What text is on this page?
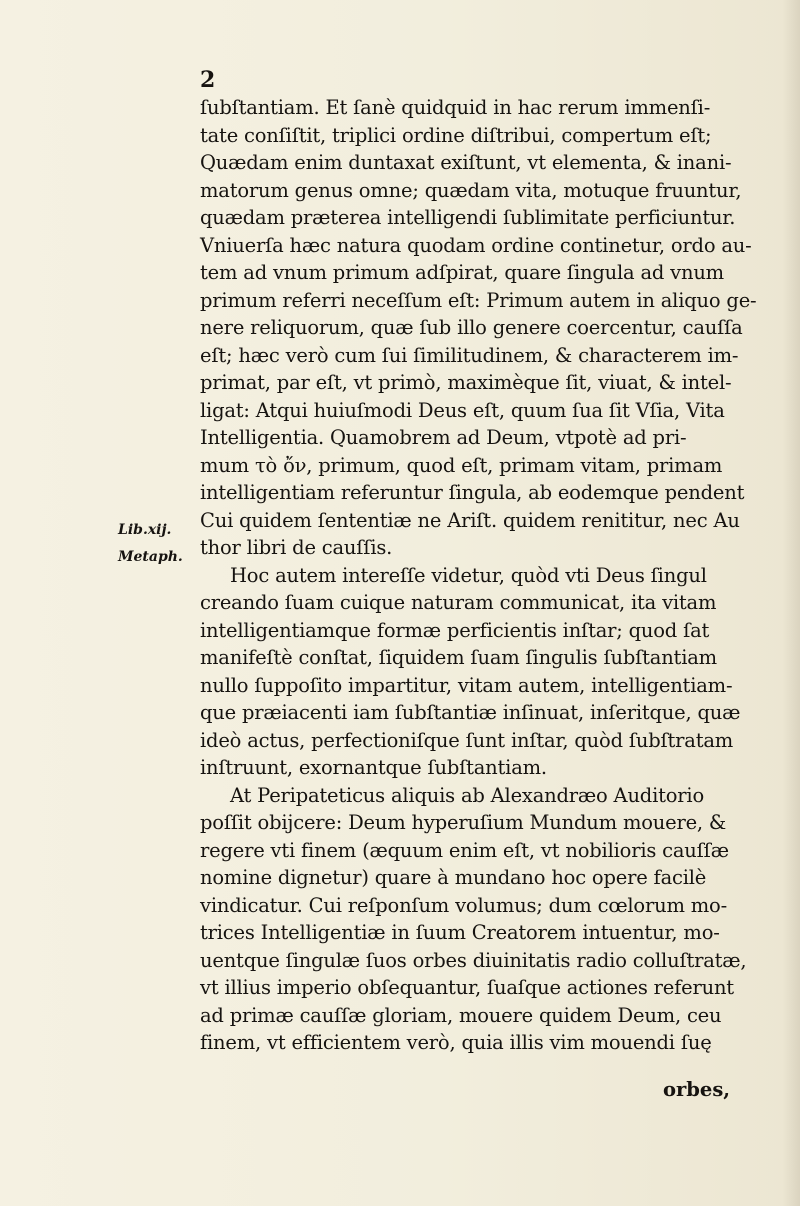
2
ſubſtantiam. Et ſanè quidquid in hac rerum immenſi-
tate conſiſtit, triplici ordine diſtribui, compertum eſt;
Quædam enim duntaxat exiſtunt, vt elementa, & inani-
matorum genus omne; quædam vita, motuque fruuntur,
quædam præterea intelligendi ſublimitate perficiuntur.
Vniuerſa hæc natura quodam ordine continetur, ordo au-
tem ad vnum primum adſpirat, quare ſingula ad vnum
primum referri neceſſum eſt: Primum autem in aliquo ge-
nere reliquorum, quæ ſub illo genere coercentur, cauſſa
eſt; hæc verò cum ſui ſimilitudinem, & characterem im-
primat, par eſt, vt primò, maximèque ſit, viuat, & intel-
ligat: Atqui huiuſmodi Deus eſt, quum ſua ſit Vſia, Vita
Intelligentia. Quamobrem ad Deum, vtpotè ad pri-
mum τὸ ὄν, primum, quod eſt, primam vitam, primam
intelligentiam referuntur ſingula, ab eodemque pendent
Cui quidem ſententiæ ne Ariſt. quidem renititur, nec Au
thor libri de cauſſis.
Hoc autem intereſſe videtur, quòd vti Deus ſingul
creando ſuam cuique naturam communicat, ita vitam
intelligentiamque formæ perficientis inſtar; quod ſat
manifeſtè conſtat, ſiquidem ſuam ſingulis ſubſtantiam
nullo ſuppoſito impartitur, vitam autem, intelligentiam-
que præiacenti iam ſubſtantiæ inſinuat, inſeritque, quæ
ideò actus, perfectioniſque ſunt inſtar, quòd ſubſtratam
inſtruunt, exornantque ſubſtantiam.
At Peripateticus aliquis ab Alexandræo Auditorio
poſſit obijcere: Deum hyperuſium Mundum mouere, &
regere vti finem (æquum enim eſt, vt nobilioris cauſſæ
nomine dignetur) quare à mundano hoc opere facilè
vindicatur. Cui reſponſum volumus; dum cœlorum mo-
trices Intelligentiæ in ſuum Creatorem intuentur, mo-
uentque ſingulæ ſuos orbes diuinitatis radio colluſtratæ,
vt illius imperio obſequantur, ſuaſque actiones referunt
ad primæ cauſſæ gloriam, mouere quidem Deum, ceu
finem, vt efficientem verò, quia illis vim mouendi ſuę
Lib.xij.
Metaph.
orbes,
